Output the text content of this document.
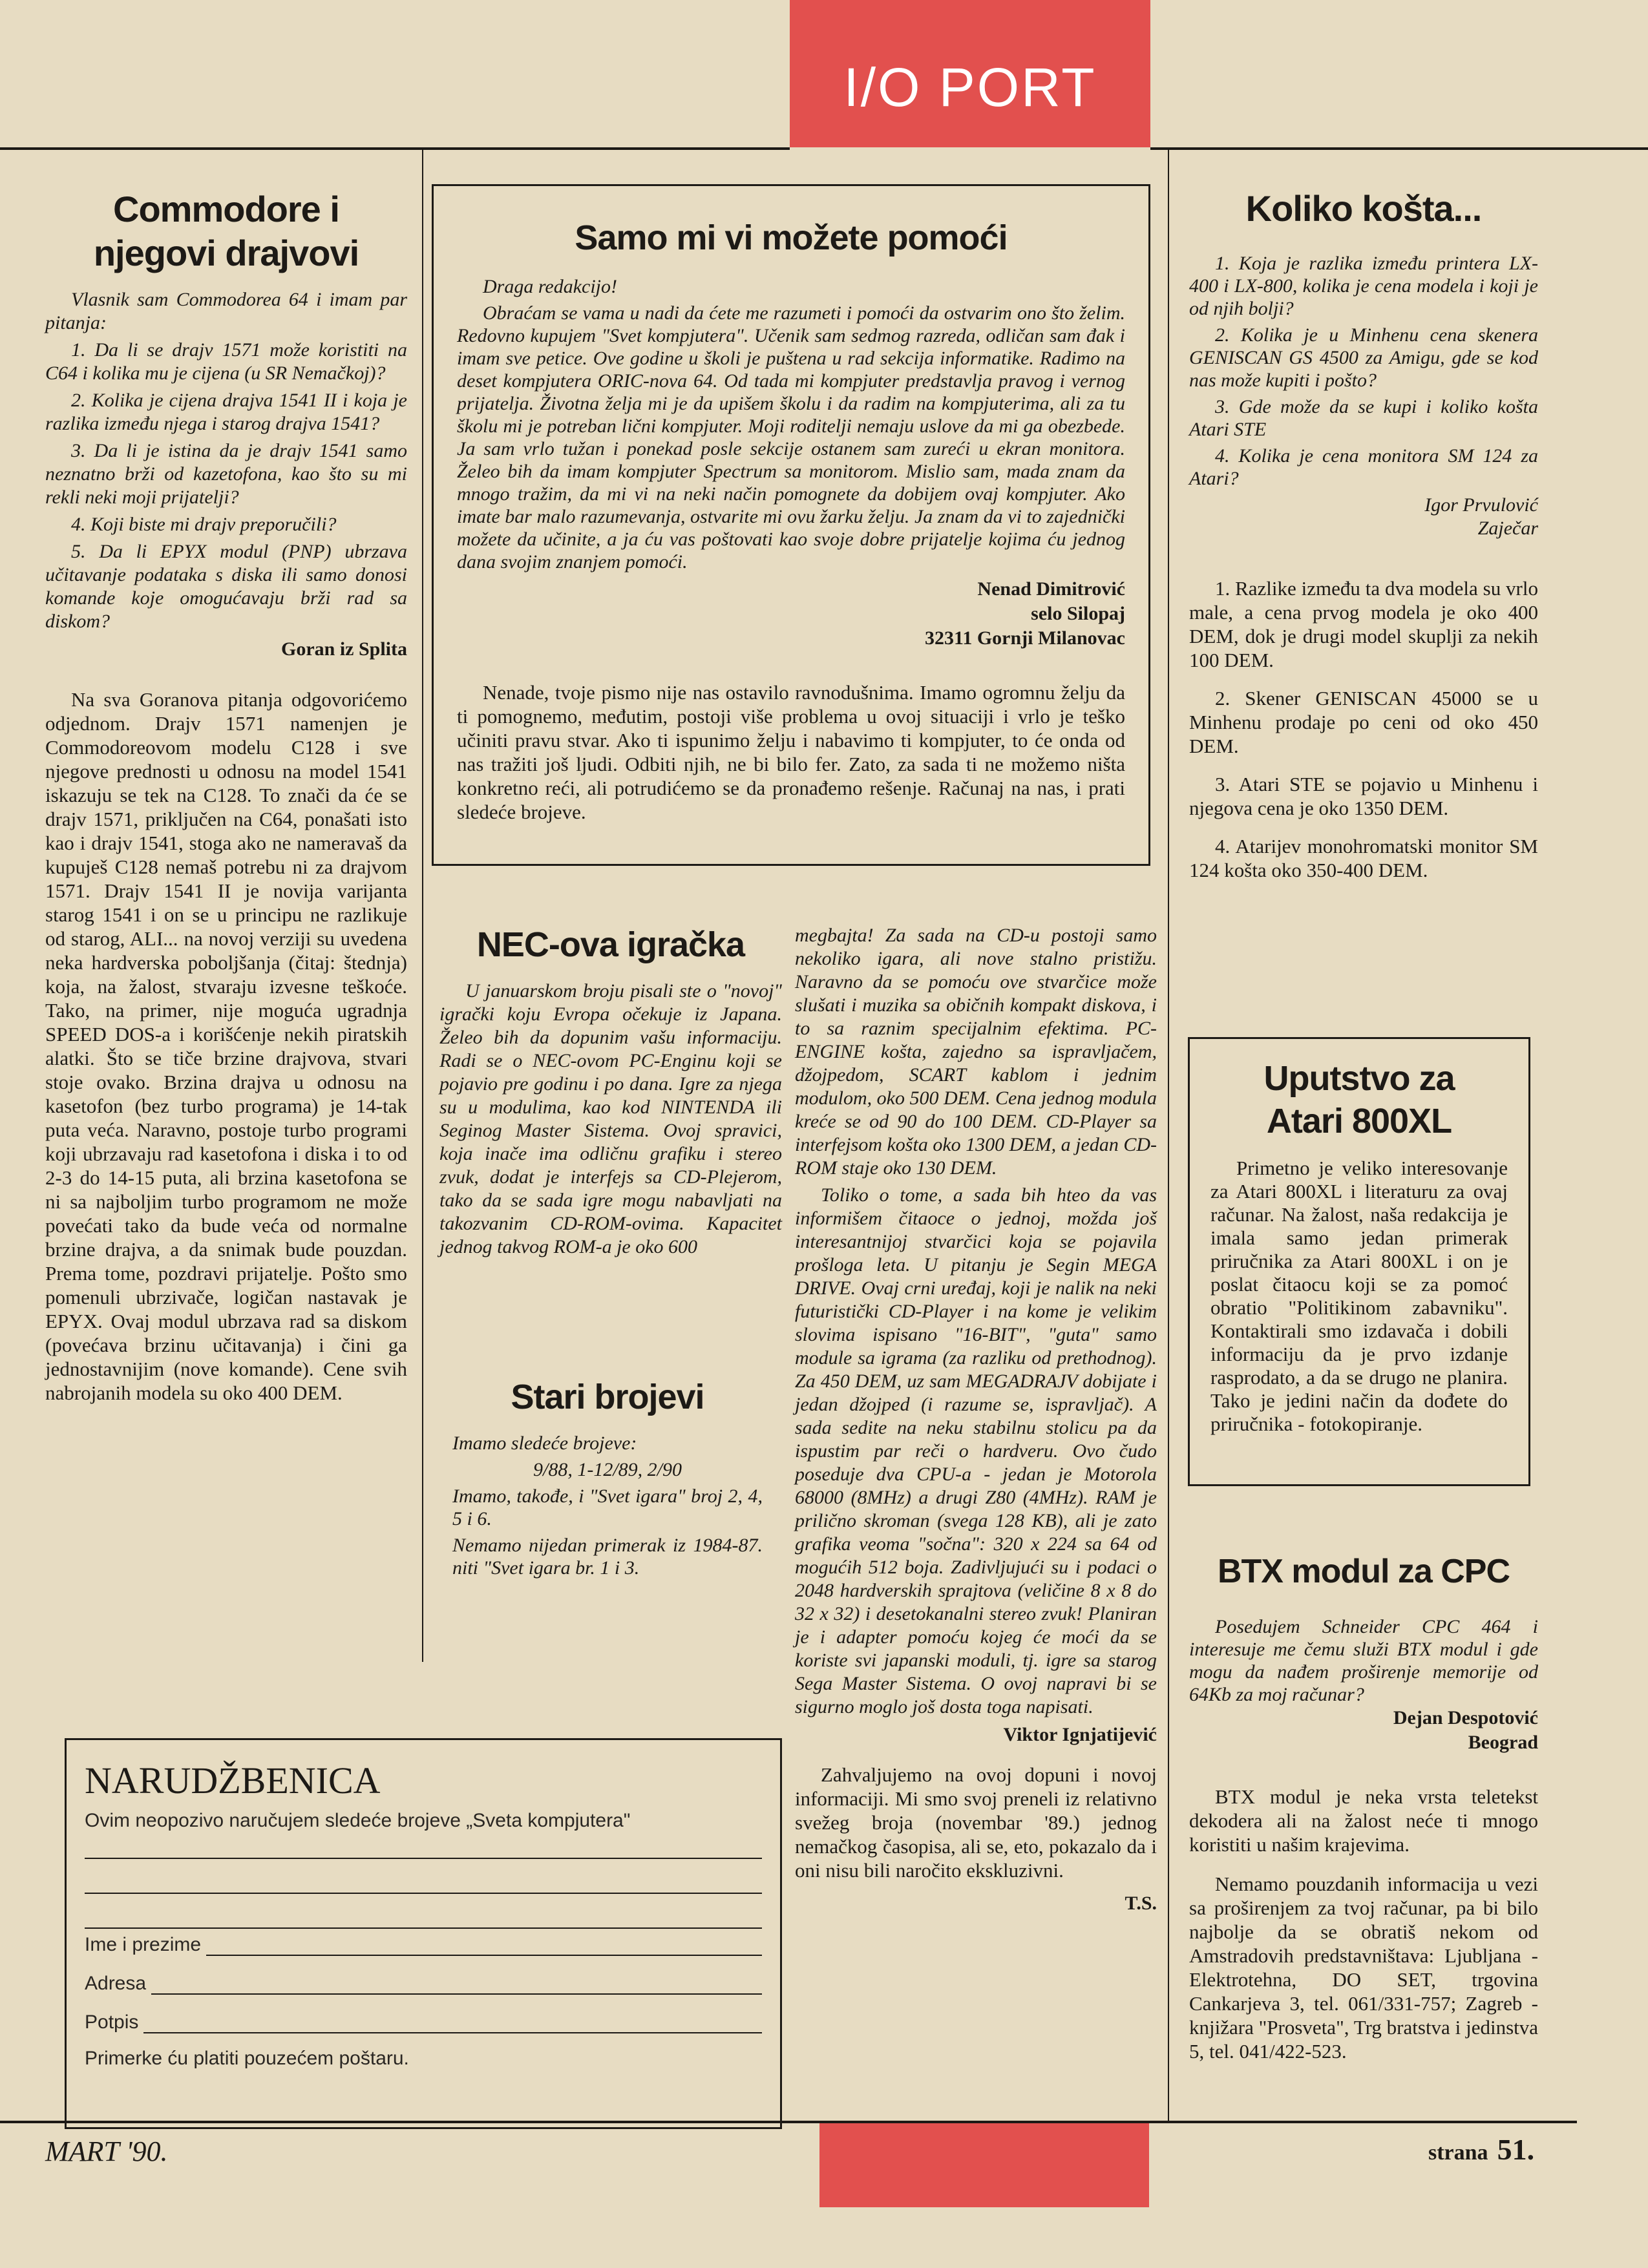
I/O PORT
Commodore i njegovi drajvovi

Vlasnik sam Commodorea 64 i imam par pitanja:

1. Da li se drajv 1571 može koristiti na C64 i kolika mu je cijena (u SR Nemačkoj)?

2. Kolika je cijena drajva 1541 II i koja je razlika između njega i starog drajva 1541?

3. Da li je istina da je drajv 1541 samo neznatno brži od kazetofona, kao što su mi rekli neki moji prijatelji?

4. Koji biste mi drajv preporučili?

5. Da li EPYX modul (PNP) ubrzava učitavanje podataka s diska ili samo donosi komande koje omogućavaju brži rad sa diskom?

Goran iz Splita
Na sva Goranova pitanja odgovorićemo odjednom. Drajv 1571 namenjen je Commodoreovom modelu C128 i sve njegove prednosti u odnosu na model 1541 iskazuju se tek na C128. To znači da će se drajv 1571, priključen na C64, ponašati isto kao i drajv 1541, stoga ako ne nameravaš da kupuješ C128 nemaš potrebu ni za drajvom 1571. Drajv 1541 II je novija varijanta starog 1541 i on se u principu ne razlikuje od starog, ALI... na novoj verziji su uvedena neka hardverska poboljšanja (čitaj: štednja) koja, na žalost, stvaraju izvesne teškoće. Tako, na primer, nije moguća ugradnja SPEED DOS-a i korišćenje nekih piratskih alatki. Što se tiče brzine drajvova, stvari stoje ovako. Brzina drajva u odnosu na kasetofon (bez turbo programa) je 14-tak puta veća. Naravno, postoje turbo programi koji ubrzavaju rad kasetofona i diska i to od 2-3 do 14-15 puta, ali brzina kasetofona se ni sa najboljim turbo programom ne može povećati tako da bude veća od normalne brzine drajva, a da snimak bude pouzdan. Prema tome, pozdravi prijatelje. Pošto smo pomenuli ubrzivače, logičan nastavak je EPYX. Ovaj modul ubrzava rad sa diskom (povećava brzinu učitavanja) i čini ga jednostavnijim (nove komande). Cene svih nabrojanih modela su oko 400 DEM.
Samo mi vi možete pomoći

Draga redakcijo!

Obraćam se vama u nadi da ćete me razumeti i pomoći da ostvarim ono što želim. Redovno kupujem "Svet kompjutera". Učenik sam sedmog razreda, odličan sam đak i imam sve petice. Ove godine u školi je puštena u rad sekcija informatike. Radimo na deset kompjutera ORIC-nova 64. Od tada mi kompjuter predstavlja pravog i vernog prijatelja. Životna želja mi je da upišem školu i da radim na kompjuterima, ali za tu školu mi je potreban lični kompjuter. Moji roditelji nemaju uslove da mi ga obezbede. Ja sam vrlo tužan i ponekad posle sekcije ostanem sam zureći u ekran monitora. Želeo bih da imam kompjuter Spectrum sa monitorom. Mislio sam, mada znam da mnogo tražim, da mi vi na neki način pomognete da dobijem ovaj kompjuter. Ako imate bar malo razumevanja, ostvarite mi ovu žarku želju. Ja znam da vi to zajednički možete da učinite, a ja ću vas poštovati kao svoje dobre prijatelje kojima ću jednog dana svojim znanjem pomoći.

Nenad Dimitrović
selo Silopaj
32311 Gornji Milanovac
Nenade, tvoje pismo nije nas ostavilo ravnodušnima. Imamo ogromnu želju da ti pomognemo, međutim, postoji više problema u ovoj situaciji i vrlo je teško učiniti pravu stvar. Ako ti ispunimo želju i nabavimo ti kompjuter, to će onda od nas tražiti još ljudi. Odbiti njih, ne bi bilo fer. Zato, za sada ti ne možemo ništa konkretno reći, ali potrudićemo se da pronađemo rešenje. Računaj na nas, i prati sledeće brojeve.
NEC-ova igračka
U januarskom broju pisali ste o "novoj" igrački koju Evropa očekuje iz Japana. Želeo bih da dopunim vašu informaciju. Radi se o NEC-ovom PC-Enginu koji se pojavio pre godinu i po dana. Igre za njega su u modulima, kao kod NINTENDA ili Seginog Master Sistema. Ovoj spravici, koja inače ima odličnu grafiku i stereo zvuk, dodat je interfejs sa CD-Plejerom, tako da se sada igre mogu nabavljati na takozvanim CD-ROM-ovima. Kapacitet jednog takvog ROM-a je oko 600

megbajta! Za sada na CD-u postoji samo nekoliko igara, ali nove stalno pristižu. Naravno da se pomoću ove stvarčice može slušati i muzika sa običnih kompakt diskova, i to sa raznim specijalnim efektima. PC-ENGINE košta, zajedno sa ispravljačem, džojpedom, SCART kablom i jednim modulom, oko 500 DEM. Cena jednog modula kreće se od 90 do 100 DEM. CD-Player sa interfejsom košta oko 1300 DEM, a jedan CD-ROM staje oko 130 DEM.

Toliko o tome, a sada bih hteo da vas informišem čitaoce o jednoj, možda još interesantnijoj stvarčici koja se pojavila prošloga leta. U pitanju je Segin MEGA DRIVE. Ovaj crni uređaj, koji je nalik na neki futuristički CD-Player i na kome je velikim slovima ispisano "16-BIT", "guta" samo module sa igrama (za razliku od prethodnog). Za 450 DEM, uz sam MEGADRAJV dobijate i jedan džojped (i razume se, ispravljač). A sada sedite na neku stabilnu stolicu pa da ispustim par reči o hardveru. Ovo čudo poseduje dva CPU-a - jedan je Motorola 68000 (8MHz) a drugi Z80 (4MHz). RAM je prilično skroman (svega 128 KB), ali je zato grafika veoma "sočna": 320 x 224 sa 64 od mogućih 512 boja. Zadivljujući su i podaci o 2048 hardverskih sprajtova (veličine 8 x 8 do 32 x 32) i desetokanalni stereo zvuk! Planiran je i adapter pomoću kojeg će moći da se koriste svi japanski moduli, tj. igre sa starog Sega Master Sistema. O ovoj napravi bi se sigurno moglo još dosta toga napisati.

Viktor Ignjatijević
Zahvaljujemo na ovoj dopuni i novoj informaciji. Mi smo svoj preneli iz relativno svežeg broja (novembar '89.) jednog nemačkog časopisa, ali se, eto, pokazalo da i oni nisu bili naročito ekskluzivni.
T.S.
Stari brojevi

Imamo sledeće brojeve:

9/88, 1-12/89, 2/90

Imamo, takođe, i "Svet igara" broj 2, 4, 5 i 6.

Nemamo nijedan primerak iz 1984-87. niti "Svet igara br. 1 i 3.

NARUDŽBENICA
Ovim neopozivo naručujem sledeće brojeve „Sveta kompjutera"
Ime i prezime
Adresa
Potpis
Primerke ću platiti pouzećem poštaru.
Koliko košta...

1. Koja je razlika između printera LX-400 i LX-800, kolika je cena modela i koji je od njih bolji?

2. Kolika je u Minhenu cena skenera GENISCAN GS 4500 za Amigu, gde se kod nas može kupiti i pošto?

3. Gde može da se kupi i koliko košta Atari STE

4. Kolika je cena monitora SM 124 za Atari?

Igor Prvulović
Zaječar

1. Razlike između ta dva modela su vrlo male, a cena prvog modela je oko 400 DEM, dok je drugi model skuplji za nekih 100 DEM.

2. Skener GENISCAN 45000 se u Minhenu prodaje po ceni od oko 450 DEM.

3. Atari STE se pojavio u Minhenu i njegova cena je oko 1350 DEM.

4. Atarijev monohromatski monitor SM 124 košta oko 350-400 DEM.

Uputstvo za Atari 800XL
Primetno je veliko interesovanje za Atari 800XL i literaturu za ovaj računar. Na žalost, naša redakcija je imala samo jedan primerak priručnika za Atari 800XL i on je poslat čitaocu koji se za pomoć obratio "Politikinom zabavniku". Kontaktirali smo izdavača i dobili informaciju da je prvo izdanje rasprodato, a da se drugo ne planira. Tako je jedini način da dođete do priručnika - fotokopiranje.
BTX modul za CPC
Posedujem Schneider CPC 464 i interesuje me čemu služi BTX modul i gde mogu da nađem proširenje memorije od 64Kb za moj računar?
Dejan Despotović
Beograd
BTX modul je neka vrsta teletekst dekodera ali na žalost neće ti mnogo koristiti u našim krajevima.
Nemamo pouzdanih informacija u vezi sa proširenjem za tvoj računar, pa bi bilo najbolje da se obratiš nekom od Amstradovih predstavništava: Ljubljana - Elektrotehna, DO SET, trgovina Cankarjeva 3, tel. 061/331-757; Zagreb - knjižara "Prosveta", Trg bratstva i jedinstva 5, tel. 041/422-523.
MART '90.	strana 51.
